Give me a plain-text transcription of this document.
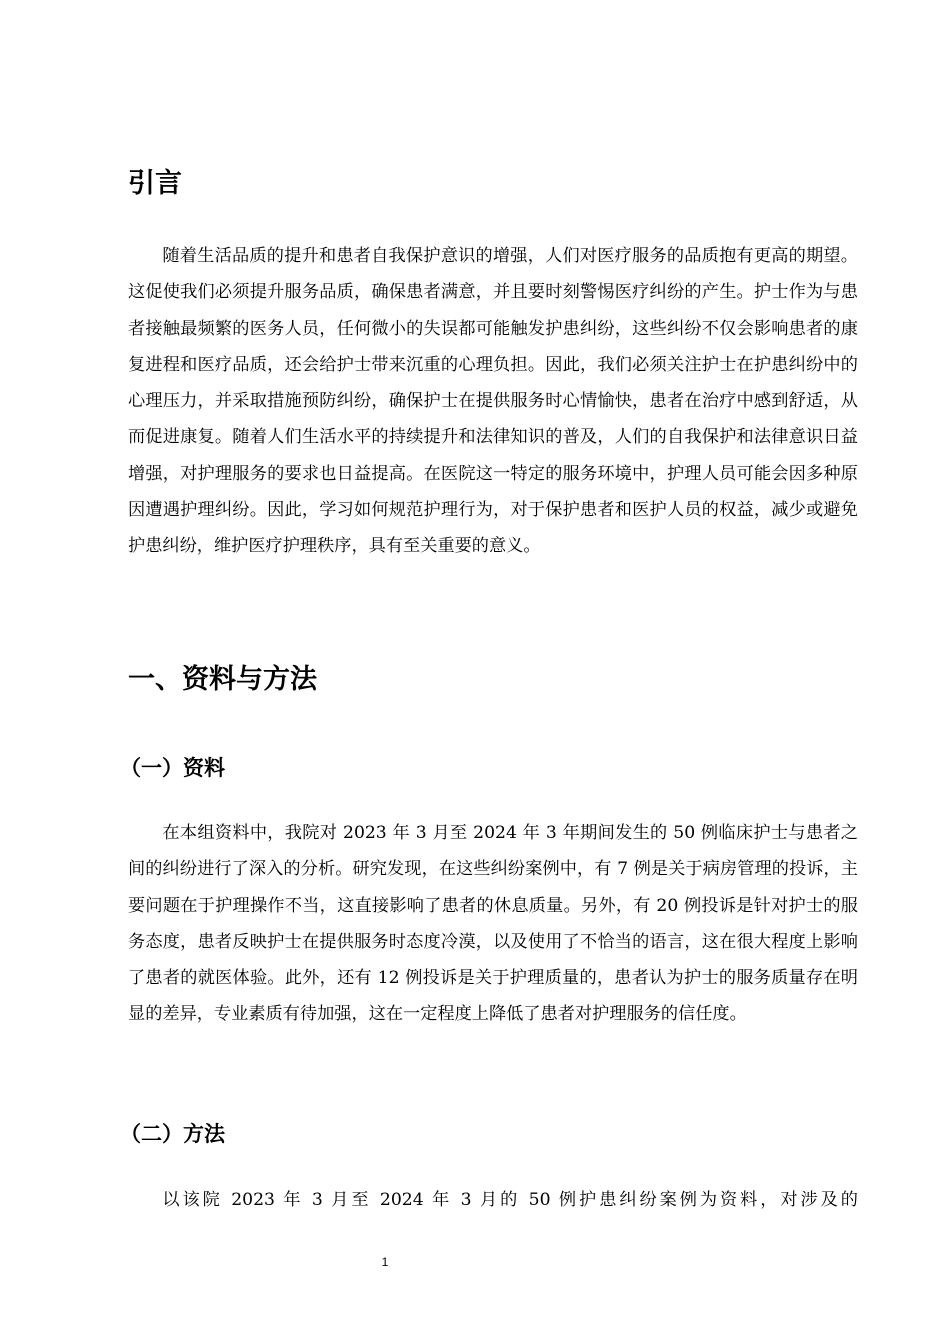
引言

随着生活品质的提升和患者自我保护意识的增强，人们对医疗服务的品质抱有更高的期望。这促使我们必须提升服务品质，确保患者满意，并且要时刻警惕医疗纠纷的产生。护士作为与患者接触最频繁的医务人员，任何微小的失误都可能触发护患纠纷，这些纠纷不仅会影响患者的康复进程和医疗品质，还会给护士带来沉重的心理负担。因此，我们必须关注护士在护患纠纷中的心理压力，并采取措施预防纠纷，确保护士在提供服务时心情愉快，患者在治疗中感到舒适，从而促进康复。随着人们生活水平的持续提升和法律知识的普及，人们的自我保护和法律意识日益增强，对护理服务的要求也日益提高。在医院这一特定的服务环境中，护理人员可能会因多种原因遭遇护理纠纷。因此，学习如何规范护理行为，对于保护患者和医护人员的权益，减少或避免护患纠纷，维护医疗护理秩序，具有至关重要的意义。

一、资料与方法
（一）资料

在本组资料中，我院对 2023 年 3 月至 2024 年 3 年期间发生的 50 例临床护士与患者之间的纠纷进行了深入的分析。研究发现，在这些纠纷案例中，有 7 例是关于病房管理的投诉，主要问题在于护理操作不当，这直接影响了患者的休息质量。另外，有 20 例投诉是针对护士的服务态度，患者反映护士在提供服务时态度冷漠，以及使用了不恰当的语言，这在很大程度上影响了患者的就医体验。此外，还有 12 例投诉是关于护理质量的，患者认为护士的服务质量存在明显的差异，专业素质有待加强，这在一定程度上降低了患者对护理服务的信任度。

（二）方法

以该院 2023 年 3 月至 2024 年 3 月的 50 例护患纠纷案例为资料，对涉及的

1
